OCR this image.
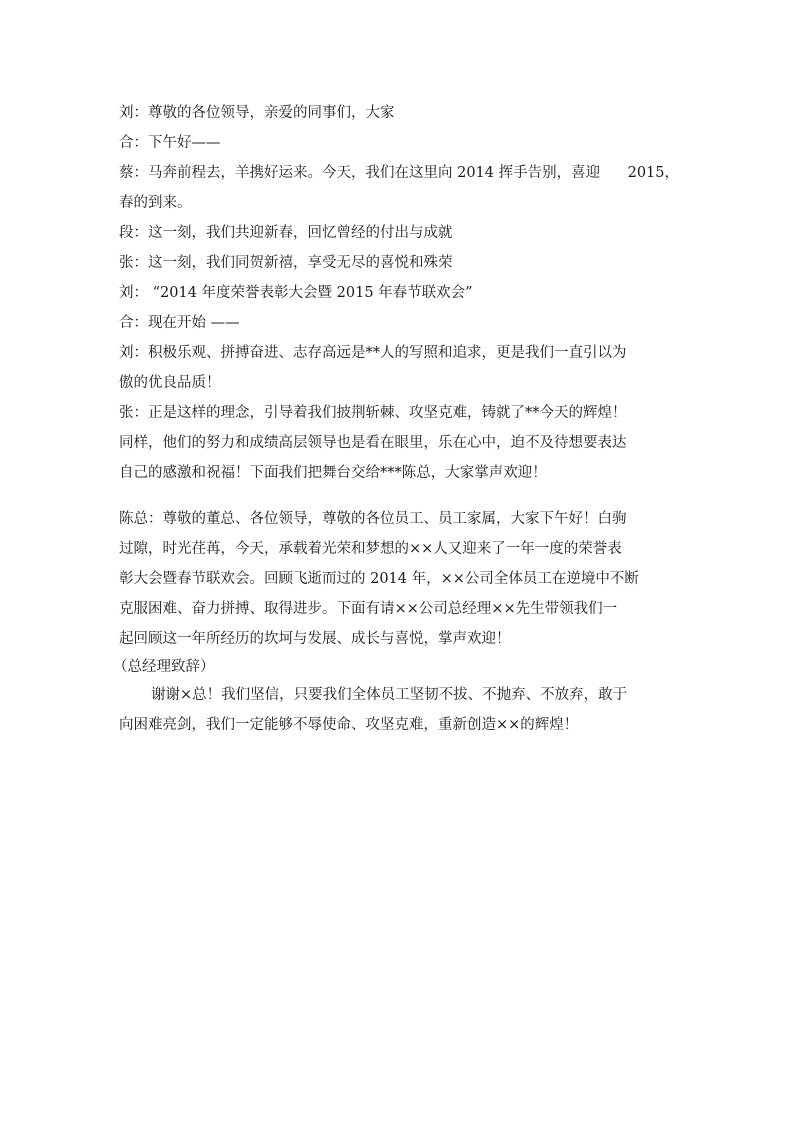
刘：尊敬的各位领导，亲爱的同事们，大家
合：下午好——
蔡：马奔前程去，羊携好运来。今天，我们在这里向 2014 挥手告别，喜迎 2015，
春的到来。
段：这一刻，我们共迎新春，回忆曾经的付出与成就
张：这一刻，我们同贺新禧，享受无尽的喜悦和殊荣
刘： “2014 年度荣誉表彰大会暨 2015 年春节联欢会”
合：现在开始 ——
刘：积极乐观、拼搏奋进、志存高远是**人的写照和追求，更是我们一直引以为
傲的优良品质！
张：正是这样的理念，引导着我们披荆斩棘、攻坚克难，铸就了**今天的辉煌！
同样，他们的努力和成绩高层领导也是看在眼里，乐在心中，迫不及待想要表达
自己的感激和祝福！下面我们把舞台交给***陈总，大家掌声欢迎！
陈总：尊敬的董总、各位领导，尊敬的各位员工、员工家属，大家下午好！白驹
过隙，时光荏苒，今天，承载着光荣和梦想的××人又迎来了一年一度的荣誉表
彰大会暨春节联欢会。回顾飞逝而过的 2014 年，××公司全体员工在逆境中不断
克服困难、奋力拼搏、取得进步。下面有请××公司总经理××先生带领我们一
起回顾这一年所经历的坎坷与发展、成长与喜悦，掌声欢迎！
（总经理致辞）
谢谢×总！我们坚信，只要我们全体员工坚韧不拔、不抛弃、不放弃，敢于
向困难亮剑，我们一定能够不辱使命、攻坚克难，重新创造××的辉煌！
